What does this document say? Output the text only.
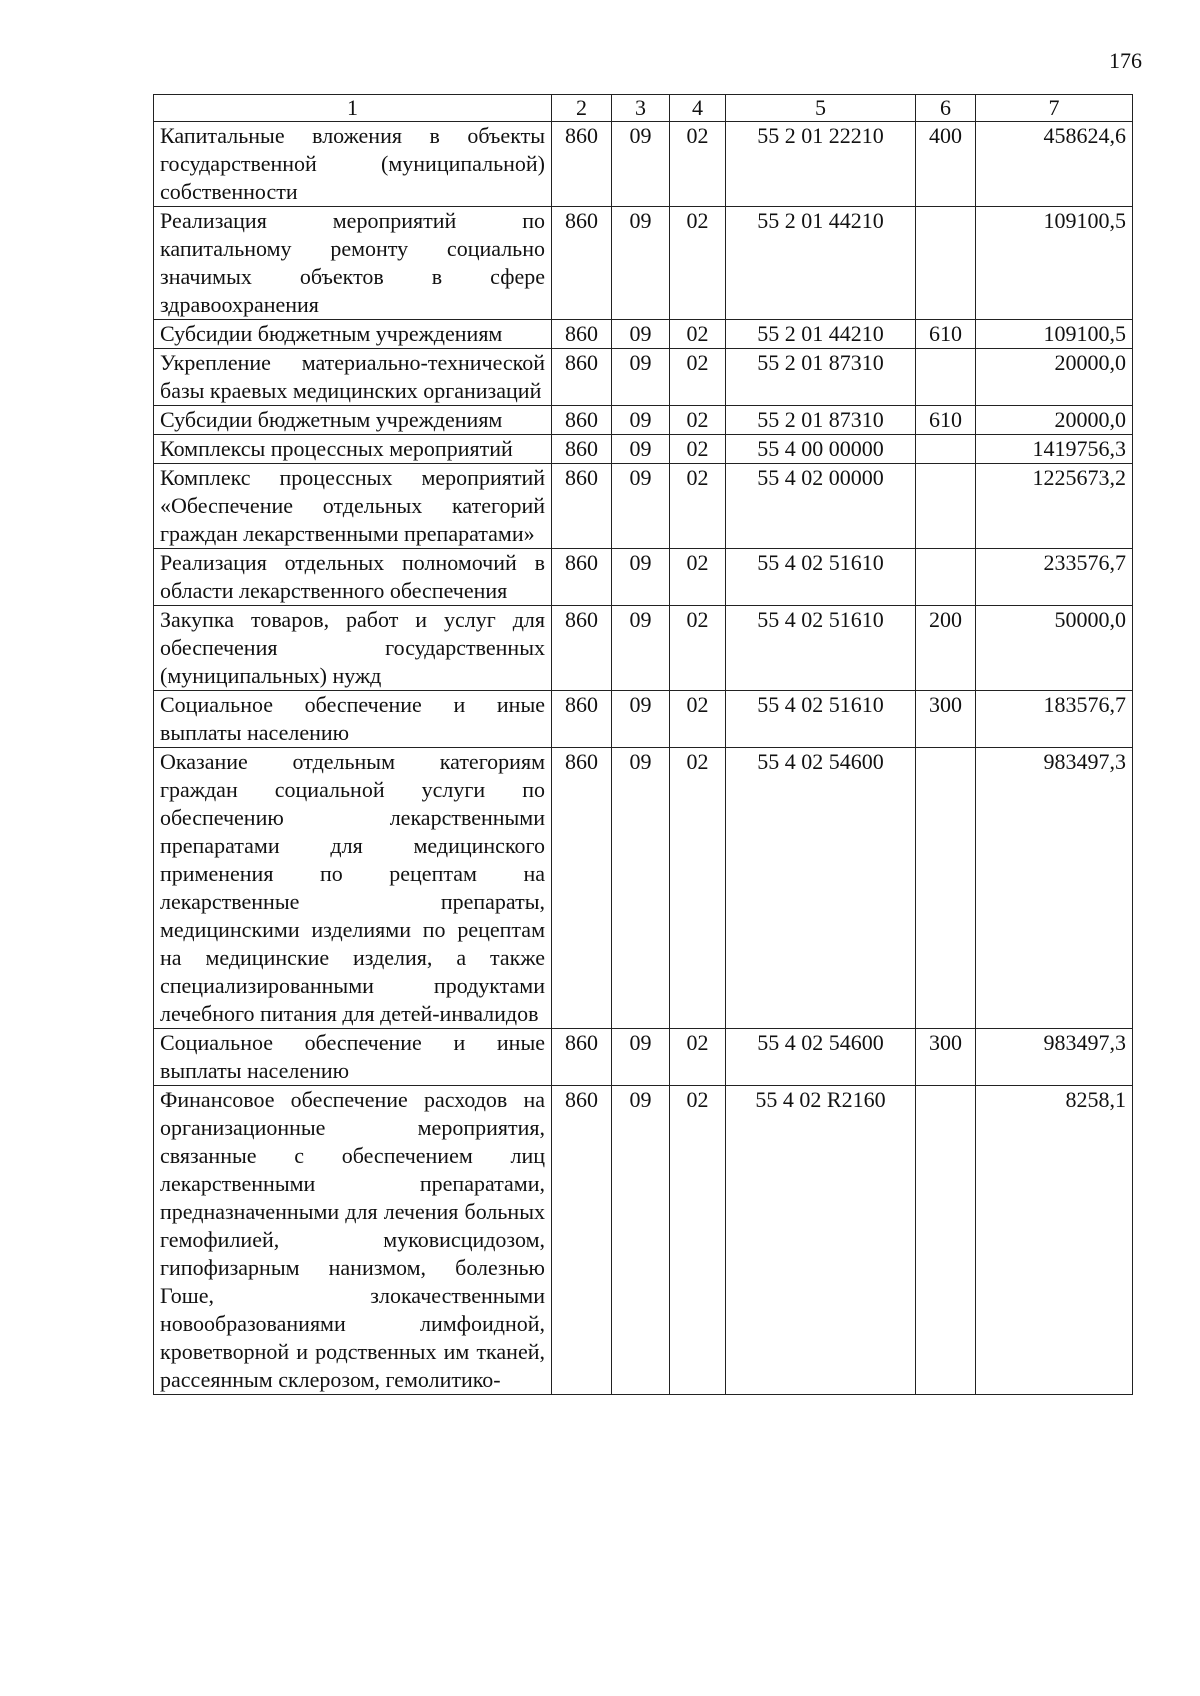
176
1	2	3	4	5	6	7
Капитальные вложения в объекты государственной (муниципальной) собственности	860	09	02	55 2 01 22210	400	458624,6
Реализация мероприятий по капитальному ремонту социально значимых объектов в сфере здравоохранения	860	09	02	55 2 01 44210		109100,5
Субсидии бюджетным учреждениям	860	09	02	55 2 01 44210	610	109100,5
Укрепление материально-технической базы краевых медицинских организаций	860	09	02	55 2 01 87310		20000,0
Субсидии бюджетным учреждениям	860	09	02	55 2 01 87310	610	20000,0
Комплексы процессных мероприятий	860	09	02	55 4 00 00000		1419756,3
Комплекс процессных мероприятий «Обеспечение отдельных категорий граждан лекарственными препаратами»	860	09	02	55 4 02 00000		1225673,2
Реализация отдельных полномочий в области лекарственного обеспечения	860	09	02	55 4 02 51610		233576,7
Закупка товаров, работ и услуг для обеспечения государственных (муниципальных) нужд	860	09	02	55 4 02 51610	200	50000,0
Социальное обеспечение и иные выплаты населению	860	09	02	55 4 02 51610	300	183576,7
Оказание отдельным категориям граждан социальной услуги по обеспечению лекарственными препаратами для медицинского применения по рецептам на лекарственные препараты, медицинскими изделиями по рецептам на медицинские изделия, а также специализированными продуктами лечебного питания для детей-инвалидов	860	09	02	55 4 02 54600		983497,3
Социальное обеспечение и иные выплаты населению	860	09	02	55 4 02 54600	300	983497,3
Финансовое обеспечение расходов на организационные мероприятия, связанные с обеспечением лиц лекарственными препаратами, предназначенными для лечения больных гемофилией, муковисцидозом, гипофизарным нанизмом, болезнью Гоше, злокачественными новообразованиями лимфоидной, кроветворной и родственных им тканей, рассеянным склерозом, гемолитико-	860	09	02	55 4 02 R2160		8258,1
